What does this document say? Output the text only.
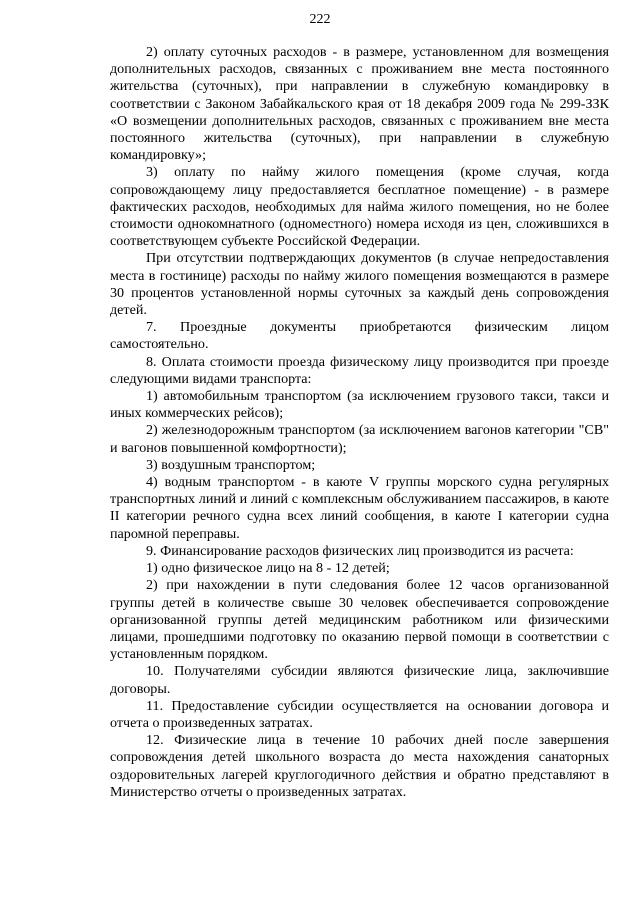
222

2) оплату суточных расходов - в размере, установленном для возмещения дополнительных расходов, связанных с проживанием вне места постоянного жительства (суточных), при направлении в служебную командировку в соответствии с Законом Забайкальского края от 18 декабря 2009 года № 299-ЗЗК «О возмещении дополнительных расходов, связанных с проживанием вне места постоянного жительства (суточных), при направлении в служебную командировку»;

3) оплату по найму жилого помещения (кроме случая, когда сопровождающему лицу предоставляется бесплатное помещение) - в размере фактических расходов, необходимых для найма жилого помещения, но не более стоимости однокомнатного (одноместного) номера исходя из цен, сложившихся в соответствующем субъекте Российской Федерации.

При отсутствии подтверждающих документов (в случае непредоставления места в гостинице) расходы по найму жилого помещения возмещаются в размере 30 процентов установленной нормы суточных за каждый день сопровождения детей.

7. Проездные документы приобретаются физическим лицом самостоятельно.

8. Оплата стоимости проезда физическому лицу производится при проезде следующими видами транспорта:

1) автомобильным транспортом (за исключением грузового такси, такси и иных коммерческих рейсов);

2) железнодорожным транспортом (за исключением вагонов категории "СВ" и вагонов повышенной комфортности);

3) воздушным транспортом;

4) водным транспортом - в каюте V группы морского судна регулярных транспортных линий и линий с комплексным обслуживанием пассажиров, в каюте II категории речного судна всех линий сообщения, в каюте I категории судна паромной переправы.

9. Финансирование расходов физических лиц производится из расчета:

1) одно физическое лицо на 8 - 12 детей;

2) при нахождении в пути следования более 12 часов организованной группы детей в количестве свыше 30 человек обеспечивается сопровождение организованной группы детей медицинским работником или физическими лицами, прошедшими подготовку по оказанию первой помощи в соответствии с установленным порядком.

10. Получателями субсидии являются физические лица, заключившие договоры.

11. Предоставление субсидии осуществляется на основании договора и отчета о произведенных затратах.

12. Физические лица в течение 10 рабочих дней после завершения сопровождения детей школьного возраста до места нахождения санаторных оздоровительных лагерей круглогодичного действия и обратно представляют в Министерство отчеты о произведенных затратах.
